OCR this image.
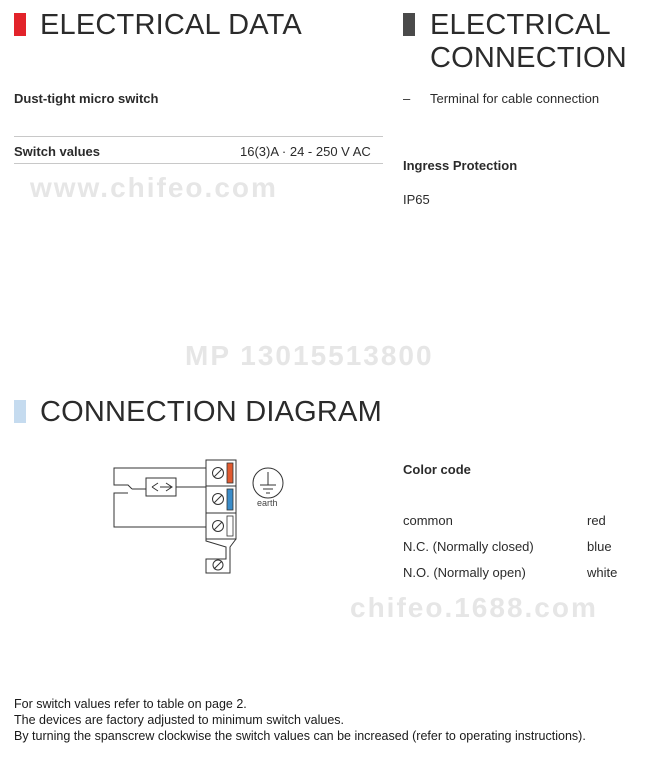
www.chifeo.com
MP 13015513800
chifeo.1688.com
ELECTRICAL DATA
Dust-tight micro switch
Switch values	16(3)A · 24 - 250 V AC
ELECTRICAL
CONNECTION
– Terminal for cable connection
Ingress Protection
IP65
CONNECTION DIAGRAM
earth
Color code
common	red
N.C. (Normally closed)	blue
N.O. (Normally open)	white
For switch values refer to table on page 2.
The devices are factory adjusted to minimum switch values.
By turning the spanscrew clockwise the switch values can be increased (refer to operating instructions).
